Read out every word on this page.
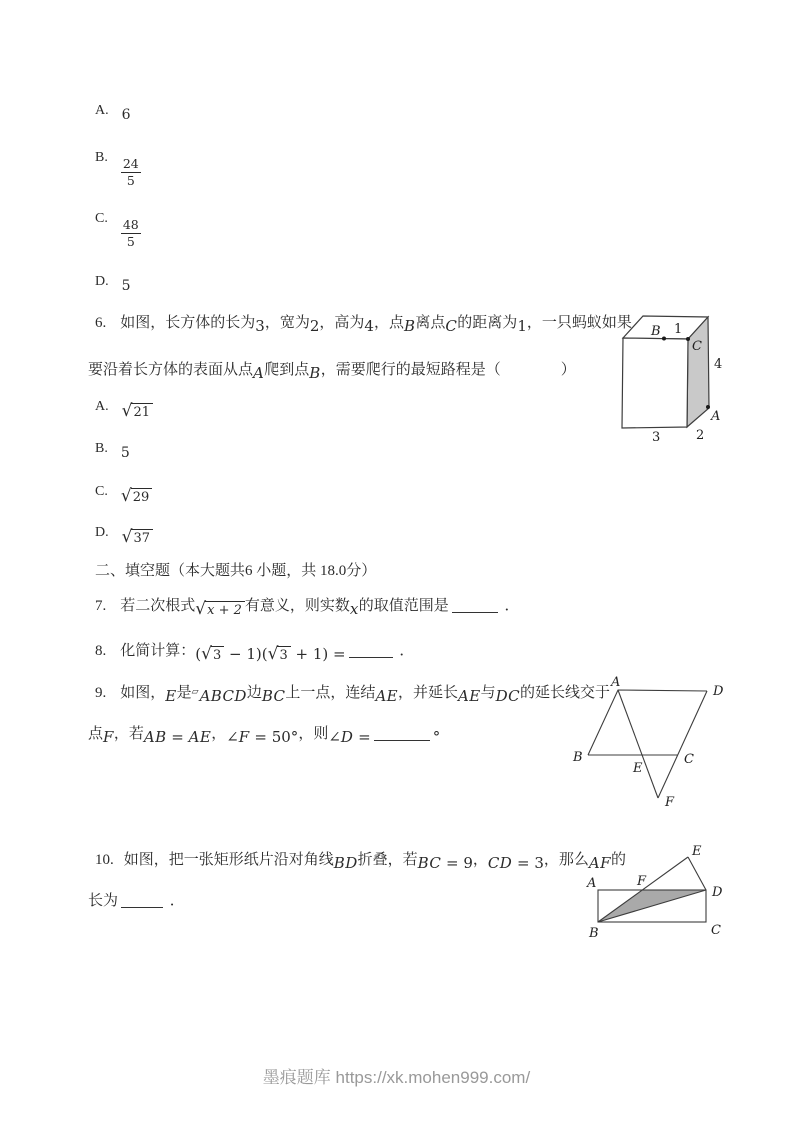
A. 6
B. $\frac{24}{5}$
C. $\frac{48}{5}$
D. 5
6. 如图，长方体的长为3，宽为2，高为4，点B离点C的距离为1，一只蚂蚁如果
要沿着长方体的表面从点A爬到点B，需要爬行的最短路程是（　　　　）
B 1
C
4
A
2
3
A. √ 21
B. 5
C. √ 29
D. √ 37
二、填空题（本大题共6 小题，共 18.0分）
7. 若二次根式 √ x + 2 有意义，则实数x的取值范围是	．
8. 化简计算：( √ 3 − 1)( √ 3 + 1) =	．
9. 如图，E是▱ABCD边BC上一点，连结AE，并延长AE与DC的延长线交于
点F，若AB = AE，∠F = 50°，则∠D =	°
A
D
B	C
E
F
10. 如图，把一张矩形纸片沿对角线BD折叠，若BC = 9，CD = 3，那么AF的
长为	．
A
D
B	C
E
F
墨痕题库 https://xk.mohen999.com/
